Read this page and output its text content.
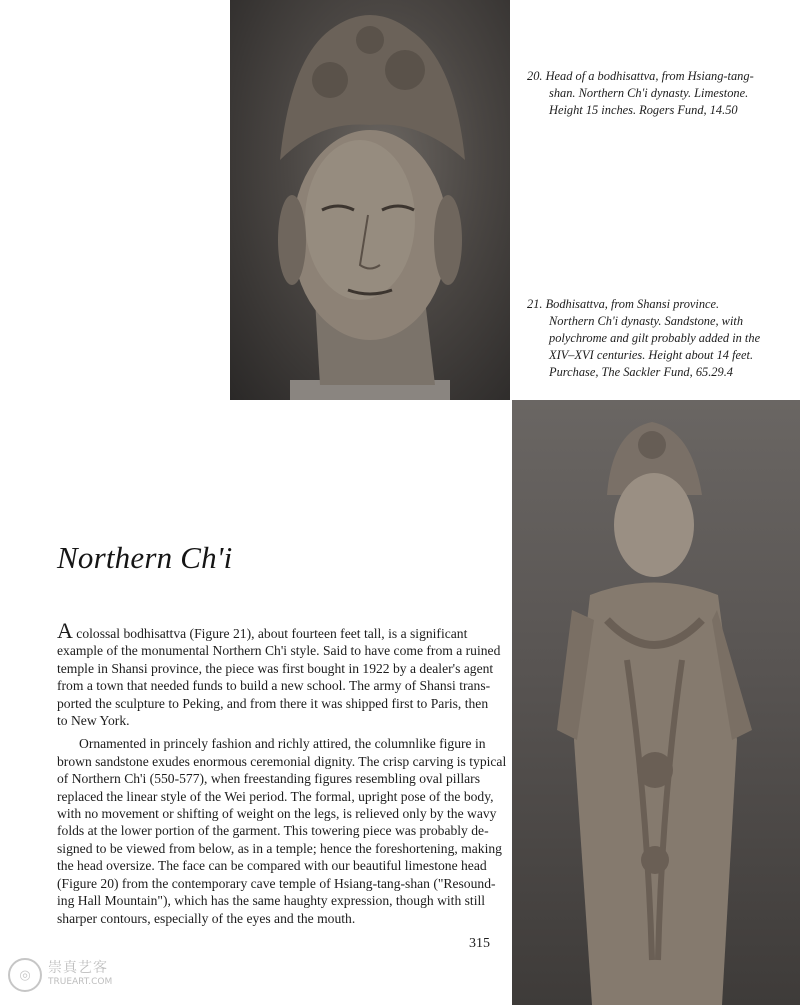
20. Head of a bodhisattva, from Hsiang-tang-
shan. Northern Ch'i dynasty. Limestone.
Height 15 inches. Rogers Fund, 14.50
21. Bodhisattva, from Shansi province.
Northern Ch'i dynasty. Sandstone, with
polychrome and gilt probably added in the
XIV–XVI centuries. Height about 14 feet.
Purchase, The Sackler Fund, 65.29.4
Northern Ch'i
A colossal bodhisattva (Figure 21), about fourteen feet tall, is a significant
example of the monumental Northern Ch'i style. Said to have come from a ruined
temple in Shansi province, the piece was first bought in 1922 by a dealer's agent
from a town that needed funds to build a new school. The army of Shansi trans-
ported the sculpture to Peking, and from there it was shipped first to Paris, then
to New York.
Ornamented in princely fashion and richly attired, the columnlike figure in
brown sandstone exudes enormous ceremonial dignity. The crisp carving is typical
of Northern Ch'i (550-577), when freestanding figures resembling oval pillars
replaced the linear style of the Wei period. The formal, upright pose of the body,
with no movement or shifting of weight on the legs, is relieved only by the wavy
folds at the lower portion of the garment. This towering piece was probably de-
signed to be viewed from below, as in a temple; hence the foreshortening, making
the head oversize. The face can be compared with our beautiful limestone head
(Figure 20) from the contemporary cave temple of Hsiang-tang-shan ("Resound-
ing Hall Mountain"), which has the same haughty expression, though with still
sharper contours, especially of the eyes and the mouth.
315
◎	崇真艺客
TRUEART.COM
